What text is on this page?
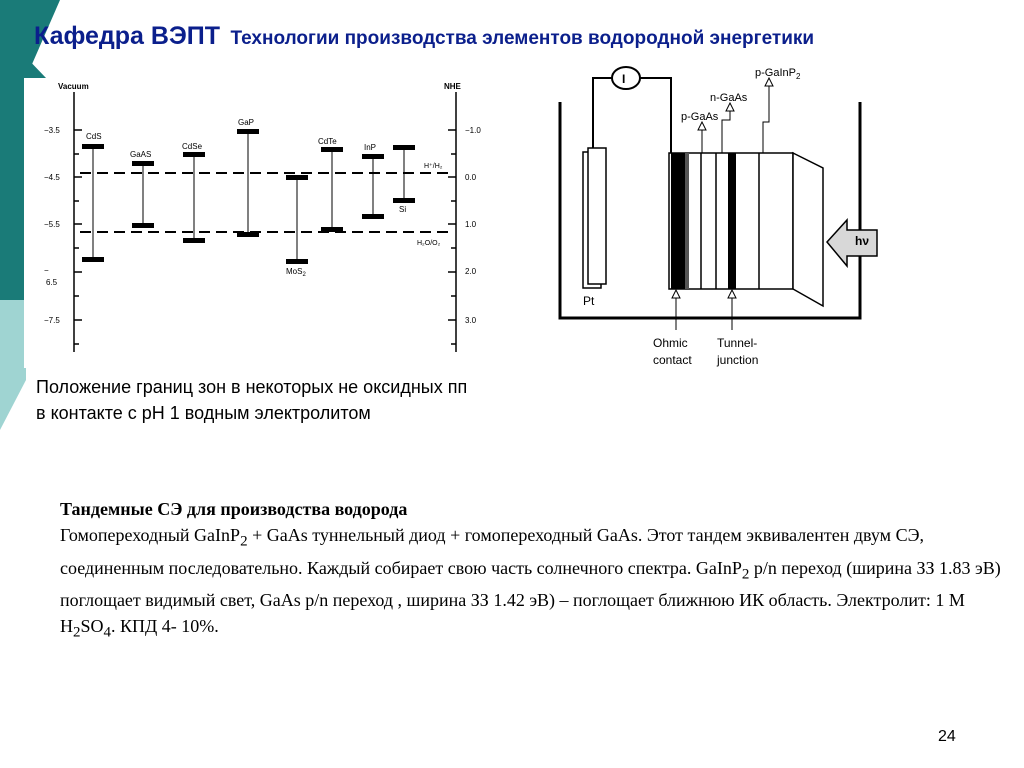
Кафедра ВЭПТ Технологии производства элементов водородной энергетики
Vacuum	NHE
−3.5
−4.5
−5.5
−
6.5
−7.5
−1.0
0.0
1.0
2.0
3.0
H⁺/H₂
H₂O/O₂
CdS
GaAS
CdSe
GaP
MoS$_2$
CdTe
InP
Si
I
Pt
hν
p-GaInP$_2$
n-GaAs
p-GaAs
Ohmic
contact
Tunnel-
junction
Положение границ зон в некоторых не оксидных пп в контакте с pH 1 водным электролитом
Тандемные СЭ для производства водорода
Гомопереходный GaInP$_2$ + GaAs туннельный диод + гомопереходный GaAs. Этот тандем эквивалентен двум СЭ, соединенным последовательно. Каждый собирает свою часть солнечного спектра. GaInP$_2$ p/n переход (ширина ЗЗ 1.83 эВ) поглощает видимый свет, GaAs p/n переход , ширина ЗЗ 1.42 эВ) – поглощает ближнюю ИК область. Электролит: 1 M $H_2SO_4$. КПД 4- 10%.
24
